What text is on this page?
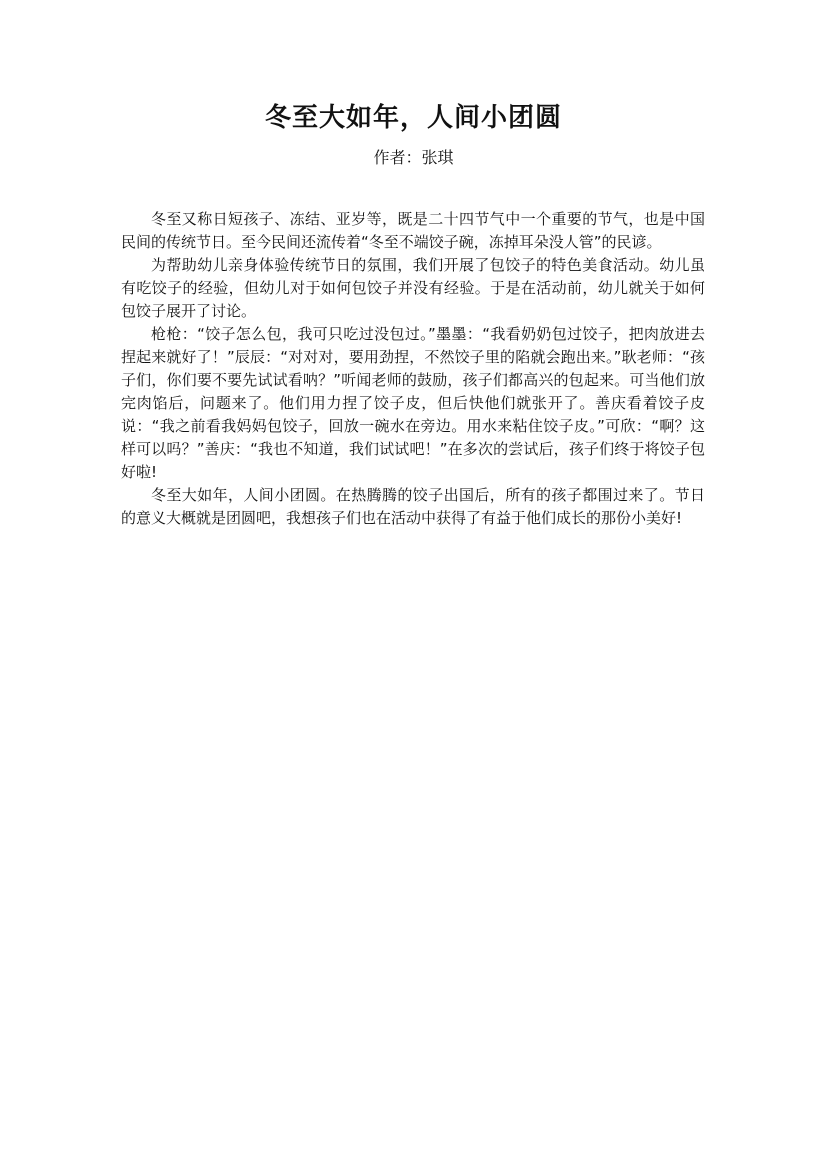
冬至大如年，人间小团圆
作者：张琪

冬至又称日短孩子、冻结、亚岁等，既是二十四节气中一个重要的节气，也是中国民间的传统节日。至今民间还流传着“冬至不端饺子碗，冻掉耳朵没人管”的民谚。

为帮助幼儿亲身体验传统节日的氛围，我们开展了包饺子的特色美食活动。幼儿虽有吃饺子的经验，但幼儿对于如何包饺子并没有经验。于是在活动前，幼儿就关于如何包饺子展开了讨论。

枪枪：“饺子怎么包，我可只吃过没包过。”墨墨：“我看奶奶包过饺子，把肉放进去捏起来就好了！”辰辰：“对对对，要用劲捏，不然饺子里的陷就会跑出来。”耿老师：“孩子们，你们要不要先试试看呐？”听闻老师的鼓励，孩子们都高兴的包起来。可当他们放完肉馅后，问题来了。他们用力捏了饺子皮，但后快他们就张开了。善庆看着饺子皮说：“我之前看我妈妈包饺子，回放一碗水在旁边。用水来粘住饺子皮。”可欣：“啊？这样可以吗？”善庆：“我也不知道，我们试试吧！”在多次的尝试后，孩子们终于将饺子包好啦!

冬至大如年，人间小团圆。在热腾腾的饺子出国后，所有的孩子都围过来了。节日的意义大概就是团圆吧，我想孩子们也在活动中获得了有益于他们成长的那份小美好!
